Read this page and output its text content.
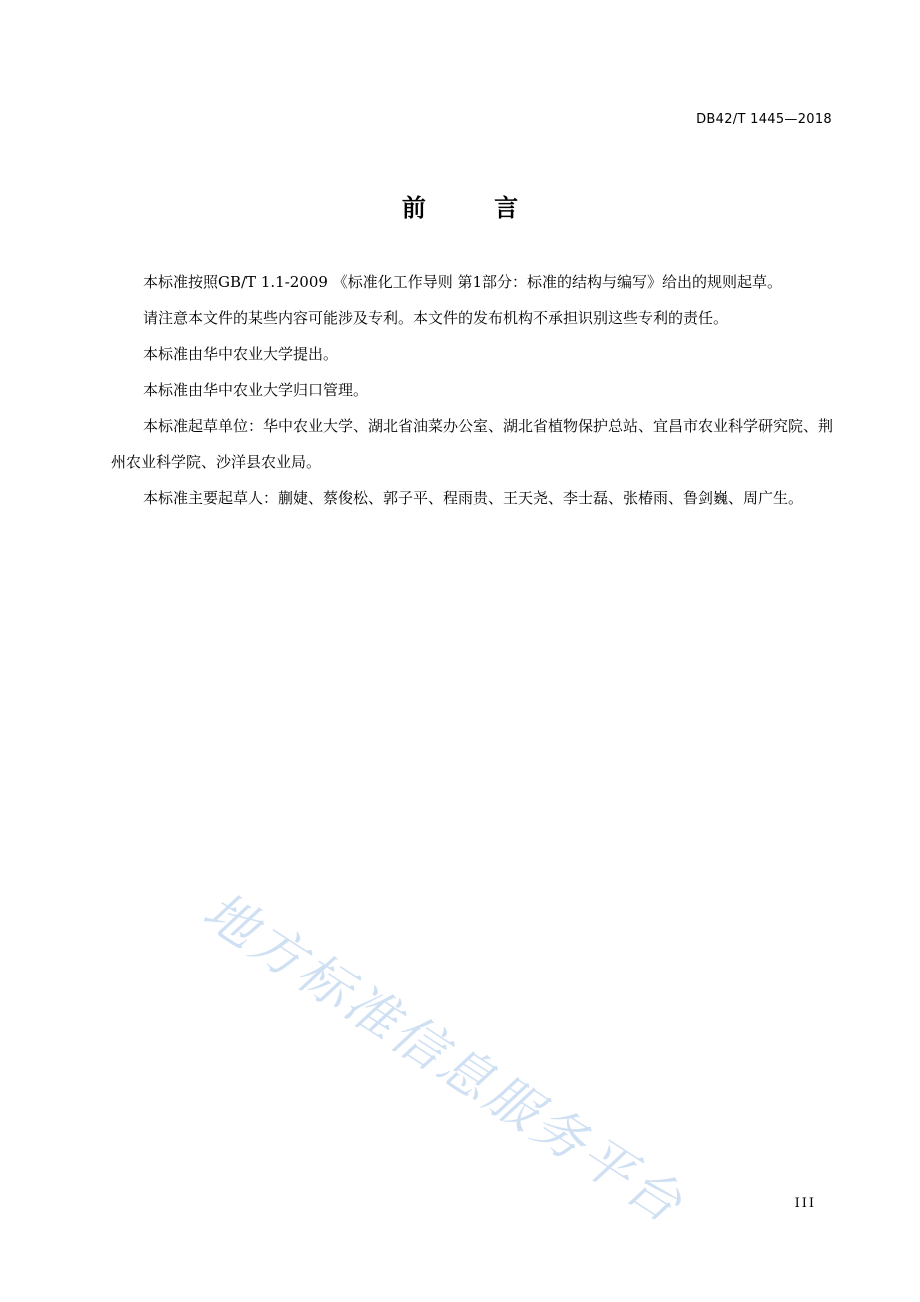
DB42/T 1445—2018
前 言

本标准按照GB/T 1.1-2009 《标准化工作导则 第1部分：标准的结构与编写》给出的规则起草。

请注意本文件的某些内容可能涉及专利。本文件的发布机构不承担识别这些专利的责任。

本标准由华中农业大学提出。

本标准由华中农业大学归口管理。

本标准起草单位：华中农业大学、湖北省油菜办公室、湖北省植物保护总站、宜昌市农业科学研究院、荆州农业科学院、沙洋县农业局。

本标准主要起草人：蒯婕、蔡俊松、郭子平、程雨贵、王天尧、李士磊、张椿雨、鲁剑巍、周广生。

地方标准信息服务平台	III
